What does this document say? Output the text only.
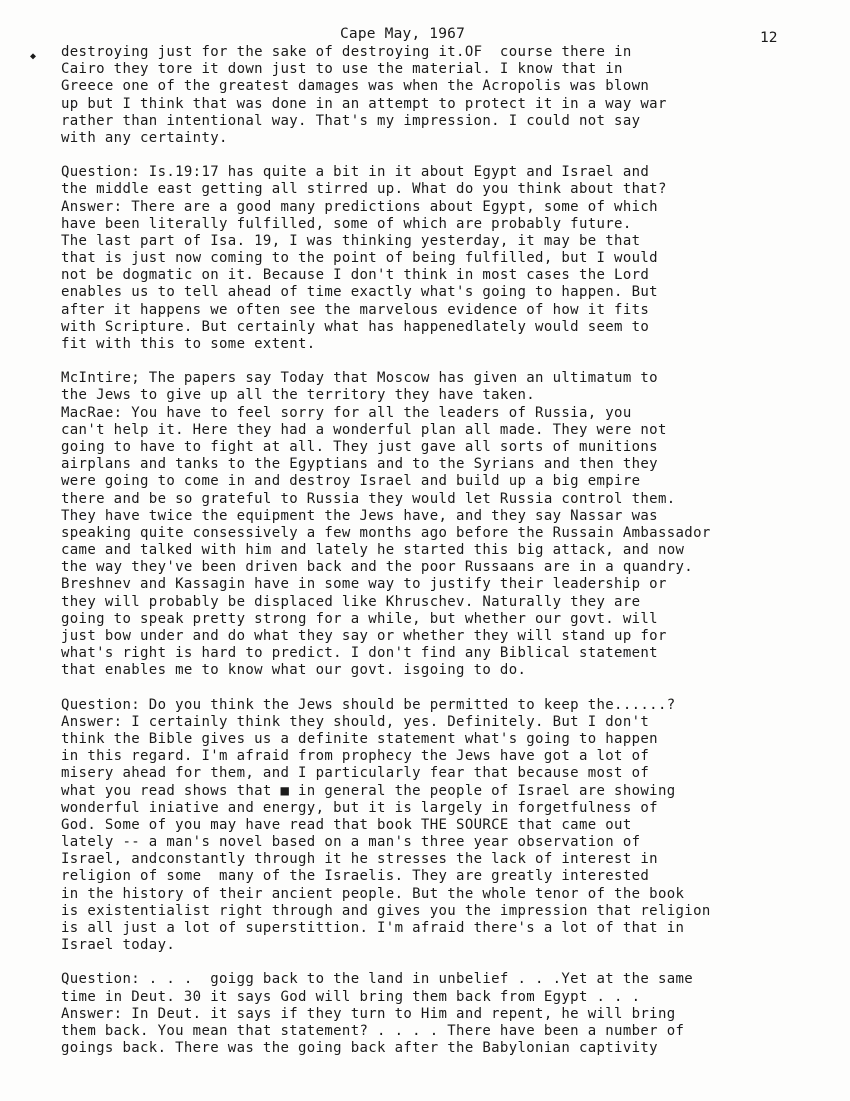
Cape May, 1967	12
◆ destroying just for the sake of destroying it.OF  course there in
Cairo they tore it down just to use the material. I know that in
Greece one of the greatest damages was when the Acropolis was blown
up but I think that was done in an attempt to protect it in a way war
rather than intentional way. That's my impression. I could not say
with any certainty.
Question: Is.19:17 has quite a bit in it about Egypt and Israel and
the middle east getting all stirred up. What do you think about that?
Answer: There are a good many predictions about Egypt, some of which
have been literally fulfilled, some of which are probably future.
The last part of Isa. 19, I was thinking yesterday, it may be that
that is just now coming to the point of being fulfilled, but I would
not be dogmatic on it. Because I don't think in most cases the Lord
enables us to tell ahead of time exactly what's going to happen. But
after it happens we often see the marvelous evidence of how it fits
with Scripture. But certainly what has happenedlately would seem to
fit with this to some extent.
McIntire; The papers say Today that Moscow has given an ultimatum to
the Jews to give up all the territory they have taken.
MacRae: You have to feel sorry for all the leaders of Russia, you
can't help it. Here they had a wonderful plan all made. They were not
going to have to fight at all. They just gave all sorts of munitions
airplans and tanks to the Egyptians and to the Syrians and then they
were going to come in and destroy Israel and build up a big empire
there and be so grateful to Russia they would let Russia control them.
They have twice the equipment the Jews have, and they say Nassar was
speaking quite consessively a few months ago before the Russain Ambassador
came and talked with him and lately he started this big attack, and now
the way they've been driven back and the poor Russaans are in a quandry.
Breshnev and Kassagin have in some way to justify their leadership or
they will probably be displaced like Khruschev. Naturally they are
going to speak pretty strong for a while, but whether our govt. will
just bow under and do what they say or whether they will stand up for
what's right is hard to predict. I don't find any Biblical statement
that enables me to know what our govt. isgoing to do.
Question: Do you think the Jews should be permitted to keep the......?
Answer: I certainly think they should, yes. Definitely. But I don't
think the Bible gives us a definite statement what's going to happen
in this regard. I'm afraid from prophecy the Jews have got a lot of
misery ahead for them, and I particularly fear that because most of
what you read shows that ■ in general the people of Israel are showing
wonderful iniative and energy, but it is largely in forgetfulness of
God. Some of you may have read that book THE SOURCE that came out
lately -- a man's novel based on a man's three year observation of
Israel, andconstantly through it he stresses the lack of interest in
religion of some  many of the Israelis. They are greatly interested
in the history of their ancient people. But the whole tenor of the book
is existentialist right through and gives you the impression that religion
is all just a lot of superstittion. I'm afraid there's a lot of that in
Israel today.
Question: . . .  goigg back to the land in unbelief . . .Yet at the same
time in Deut. 30 it says God will bring them back from Egypt . . .
Answer: In Deut. it says if they turn to Him and repent, he will bring
them back. You mean that statement? . . . . There have been a number of
goings back. There was the going back after the Babylonian captivity
